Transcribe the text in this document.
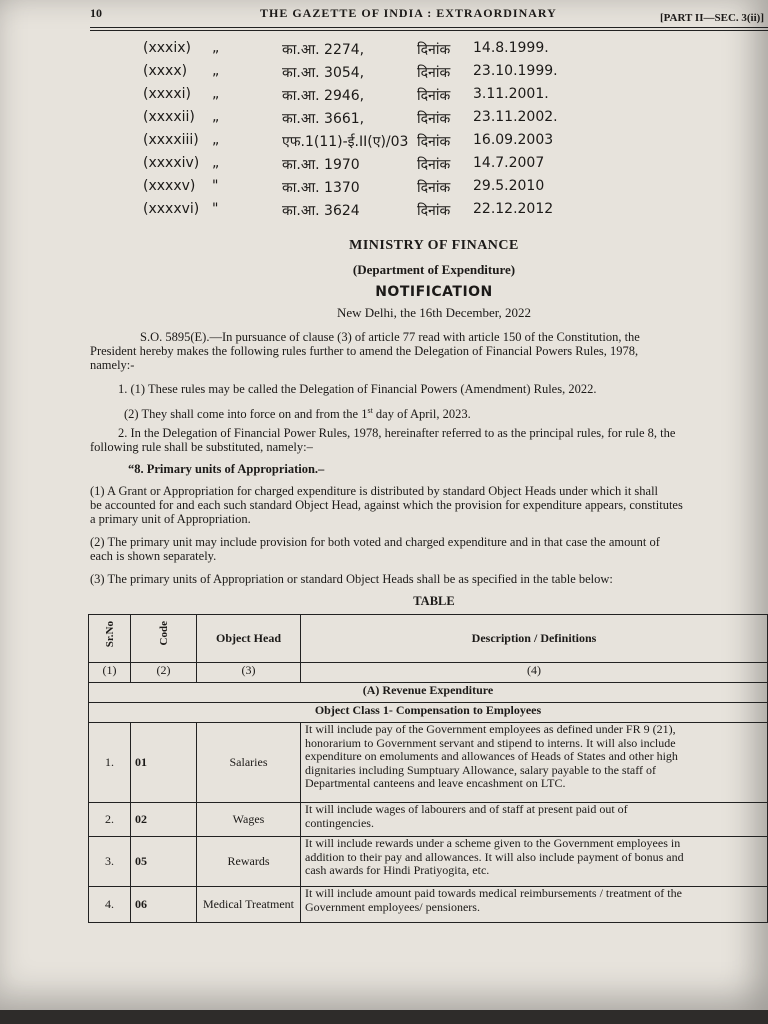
10	THE GAZETTE OF INDIA : EXTRAORDINARY	[PART II—SEC. 3(ii)]
(xxxix) „	का.आ. 2274,	दिनांक 14.8.1999.
(xxxx) „	का.आ. 3054,	दिनांक 23.10.1999.
(xxxxi) „	का.आ. 2946,	दिनांक 3.11.2001.
(xxxxii) „	का.आ. 3661,	दिनांक 23.11.2002.
(xxxxiii) „	एफ.1(11)-ई.II(ए)/03 दिनांक 16.09.2003
(xxxxiv) „	का.आ. 1970	दिनांक 14.7.2007
(xxxxv) "	का.आ. 1370	दिनांक 29.5.2010
(xxxxvi) "	का.आ. 3624	दिनांक 22.12.2012
MINISTRY OF FINANCE
(Department of Expenditure)
NOTIFICATION
New Delhi, the 16th December, 2022
S.O. 5895(E).—In pursuance of clause (3) of article 77 read with article 150 of the Constitution, the
President hereby makes the following rules further to amend the Delegation of Financial Powers Rules, 1978,
namely:-
1. (1) These rules may be called the Delegation of Financial Powers (Amendment) Rules, 2022.
(2) They shall come into force on and from the 1st day of April, 2023.
2. In the Delegation of Financial Power Rules, 1978, hereinafter referred to as the principal rules, for rule 8, the
following rule shall be substituted, namely:–
“8. Primary units of Appropriation.–
(1) A Grant or Appropriation for charged expenditure is distributed by standard Object Heads under which it shall
be accounted for and each such standard Object Head, against which the provision for expenditure appears, constitutes
a primary unit of Appropriation.
(2) The primary unit may include provision for both voted and charged expenditure and in that case the amount of
each is shown separately.
(3) The primary units of Appropriation or standard Object Heads shall be as specified in the table below:
TABLE
Sr.No	Code	Object Head	Description / Definitions
(1)	(2)	(3)	(4)
(A) Revenue Expenditure			
Object Class 1- Compensation to Employees			
1.	01	Salaries	It will include pay of the Government employees as defined under FR 9 (21),
honorarium to Government servant and stipend to interns. It will also include
expenditure on emoluments and allowances of Heads of States and other high
dignitaries including Sumptuary Allowance, salary payable to the staff of
Departmental canteens and leave encashment on LTC.

2.	02	Wages	It will include wages of labourers and of staff at present paid out of
contingencies.

3.	05	Rewards	It will include rewards under a scheme given to the Government employees in
addition to their pay and allowances. It will also include payment of bonus and
cash awards for Hindi Pratiyogita, etc.

4.	06	Medical Treatment	It will include amount paid towards medical reimbursements / treatment of the
Government employees/ pensioners.
